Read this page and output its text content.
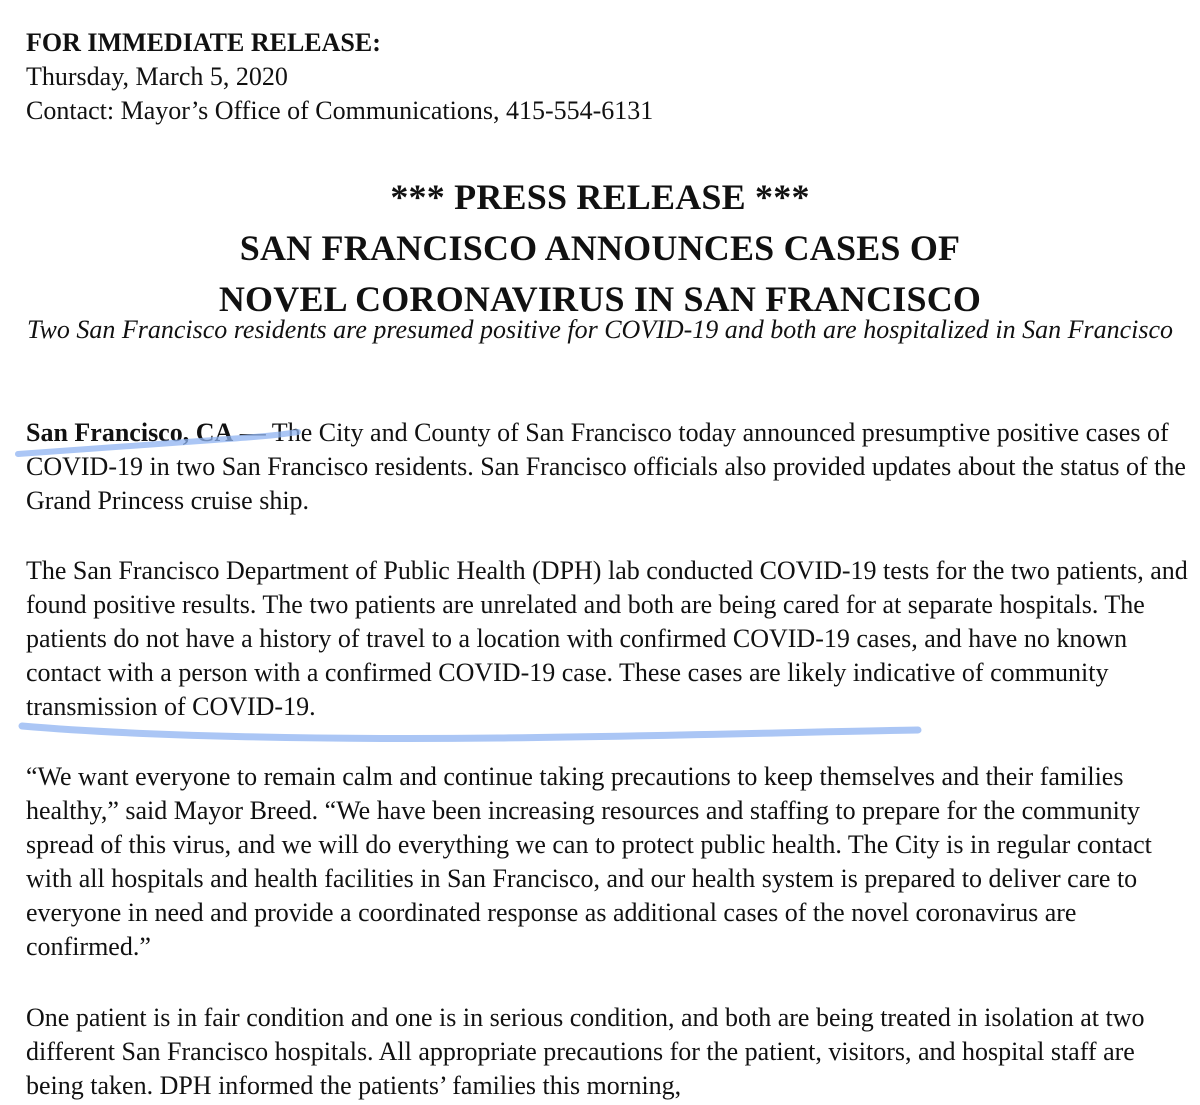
FOR IMMEDIATE RELEASE:
Thursday, March 5, 2020
Contact: Mayor’s Office of Communications, 415-554-6131
*** PRESS RELEASE ***
SAN FRANCISCO ANNOUNCES CASES OF
NOVEL CORONAVIRUS IN SAN FRANCISCO
Two San Francisco residents are presumed positive for COVID-19 and both are hospitalized in San Francisco

San Francisco, CA — The City and County of San Francisco today announced presumptive positive cases of COVID-19 in two San Francisco residents. San Francisco officials also provided updates about the status of the Grand Princess cruise ship.

The San Francisco Department of Public Health (DPH) lab conducted COVID-19 tests for the two patients, and found positive results. The two patients are unrelated and both are being cared for at separate hospitals. The patients do not have a history of travel to a location with confirmed COVID-19 cases, and have no known contact with a person with a confirmed COVID-19 case. These cases are likely indicative of community transmission of COVID-19.

“We want everyone to remain calm and continue taking precautions to keep themselves and their families healthy,” said Mayor Breed. “We have been increasing resources and staffing to prepare for the community spread of this virus, and we will do everything we can to protect public health. The City is in regular contact with all hospitals and health facilities in San Francisco, and our health system is prepared to deliver care to everyone in need and provide a coordinated response as additional cases of the novel coronavirus are confirmed.”

One patient is in fair condition and one is in serious condition, and both are being treated in isolation at two different San Francisco hospitals. All appropriate precautions for the patient, visitors, and hospital staff are being taken. DPH informed the patients’ families this morning,
